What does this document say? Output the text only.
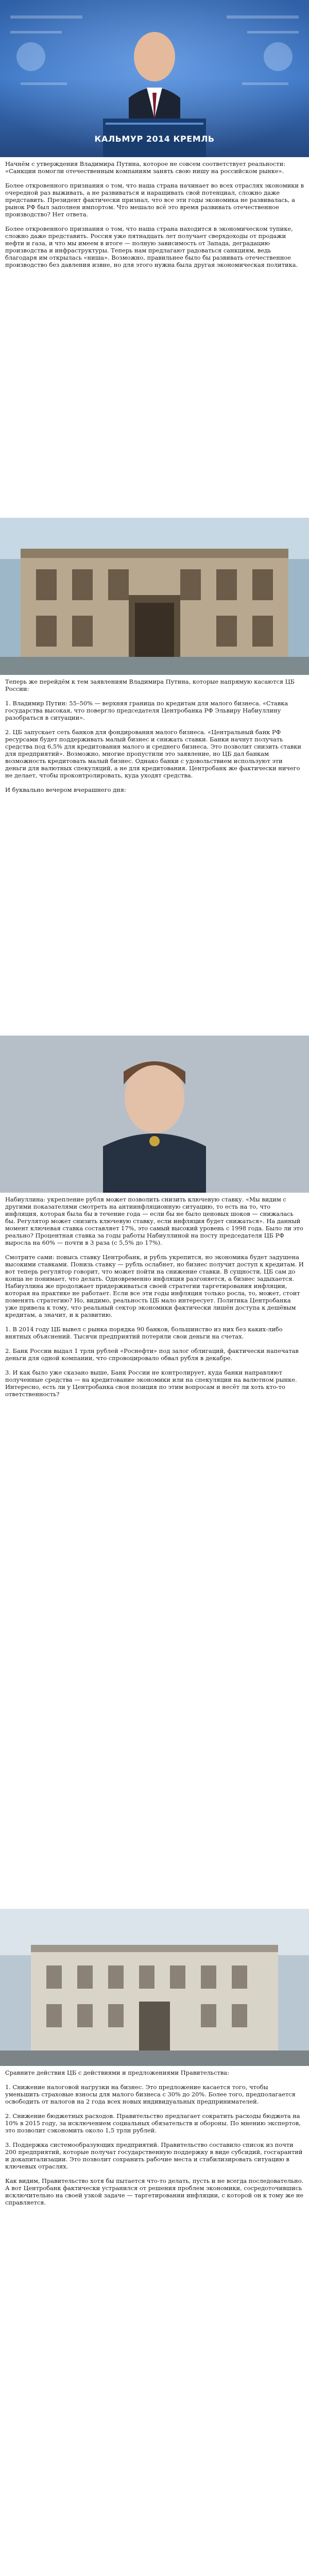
КАЛЬМУР 2014 КРЕМЛЬ

Начнём с утверждения Владимира Путина, которое не совсем соответствует реальности: «Санкции помогли отечественным компаниям занять свою нишу на российском рынке».

Более откровенного признания о том, что наша страна начинает во всех отраслях экономики в очередной раз выживать, а не развиваться и наращивать свой потенциал, сложно даже представить. Президент фактически признал, что все эти годы экономика не развивалась, а рынок РФ был заполнен импортом. Что мешало всё это время развивать отечественное производство? Нет ответа.

Более откровенного признания о том, что наша страна находится в экономическом тупике, сложно даже представить. Россия уже пятнадцать лет получает сверхдоходы от продажи нефти и газа, и что мы имеем в итоге — полную зависимость от Запада, деградацию производства и инфраструктуры. Теперь нам предлагают радоваться санкциям, ведь благодаря им открылась «ниша». Возможно, правильнее было бы развивать отечественное производство без давления извне, но для этого нужна была другая экономическая политика.

Теперь же перейдём к тем заявлениям Владимира Путина, которые напрямую касаются ЦБ России:

1. Владимир Путин: 55–50% — верхняя граница по кредитам для малого бизнеса. «Ставка государства высокая, что повергло председателя Центробанка РФ Эльвиру Набиуллину разобраться в ситуации».

2. ЦБ запускает сеть банков для фондирования малого бизнеса. «Центральный банк РФ ресурсами будет поддерживать малый бизнес и снижать ставки. Банки начнут получать средства под 6,5% для кредитования малого и среднего бизнеса. Это позволит снизить ставки для предприятий». Возможно, многие пропустили это заявление, но ЦБ дал банкам возможность кредитовать малый бизнес. Однако банки с удовольствием используют эти деньги для валютных спекуляций, а не для кредитования. Центробанк же фактически ничего не делает, чтобы проконтролировать, куда уходят средства.

И буквально вечером вчерашнего дня:

Набиуллина: укрепление рубля может позволить снизить ключевую ставку. «Мы видим с другими показателями смотреть на антиинфляционную ситуацию, то есть на то, что инфляция, которая была бы в течение года — если бы не было ценовых шоков — снижалась бы. Регулятор может снизить ключевую ставку, если инфляция будет снижаться». На данный момент ключевая ставка составляет 17%, это самый высокий уровень с 1998 года. Было ли это реально? Процентная ставка за годы работы Набиуллиной на посту председателя ЦБ РФ выросла на 60% — почти в 3 раза (с 5,5% до 17%).

Смотрите сами: повысь ставку Центробанк, и рубль укрепится, но экономика будет задушена высокими ставками. Понизь ставку — рубль ослабнет, но бизнес получит доступ к кредитам. И вот теперь регулятор говорит, что может пойти на снижение ставки. В сущности, ЦБ сам до конца не понимает, что делать. Одновременно инфляция разгоняется, а бизнес задыхается. Набиуллина же продолжает придерживаться своей стратегии таргетирования инфляции, которая на практике не работает. Если все эти годы инфляция только росла, то, может, стоит поменять стратегию? Но, видимо, реальность ЦБ мало интересует. Политика Центробанка уже привела к тому, что реальный сектор экономики фактически лишён доступа к дешёвым кредитам, а значит, и к развитию.

1. В 2014 году ЦБ вывел с рынка порядка 90 банков, большинство из них без каких-либо внятных объяснений. Тысячи предприятий потеряли свои деньги на счетах.

2. Банк России выдал 1 трлн рублей «Роснефти» под залог облигаций, фактически напечатав деньги для одной компании, что спровоцировало обвал рубля в декабре.

3. И как было уже сказано выше, Банк России не контролирует, куда банки направляют полученные средства — на кредитование экономики или на спекуляции на валютном рынке. Интересно, есть ли у Центробанка своя позиция по этим вопросам и несёт ли хоть кто-то ответственность?

Сравните действия ЦБ с действиями и предложениями Правительства:

1. Снижение налоговой нагрузки на бизнес. Это предложение касается того, чтобы уменьшить страховые взносы для малого бизнеса с 30% до 20%. Более того, предполагается освободить от налогов на 2 года всех новых индивидуальных предпринимателей.

2. Снижение бюджетных расходов. Правительство предлагает сократить расходы бюджета на 10% в 2015 году, за исключением социальных обязательств и обороны. По мнению экспертов, это позволит сэкономить около 1,5 трлн рублей.

3. Поддержка системообразующих предприятий. Правительство составило список из почти 200 предприятий, которые получат государственную поддержку в виде субсидий, госгарантий и докапитализации. Это позволит сохранить рабочие места и стабилизировать ситуацию в ключевых отраслях.

Как видим, Правительство хотя бы пытается что-то делать, пусть и не всегда последовательно. А вот Центробанк фактически устранился от решения проблем экономики, сосредоточившись исключительно на своей узкой задаче — таргетировании инфляции, с которой он к тому же не справляется.
